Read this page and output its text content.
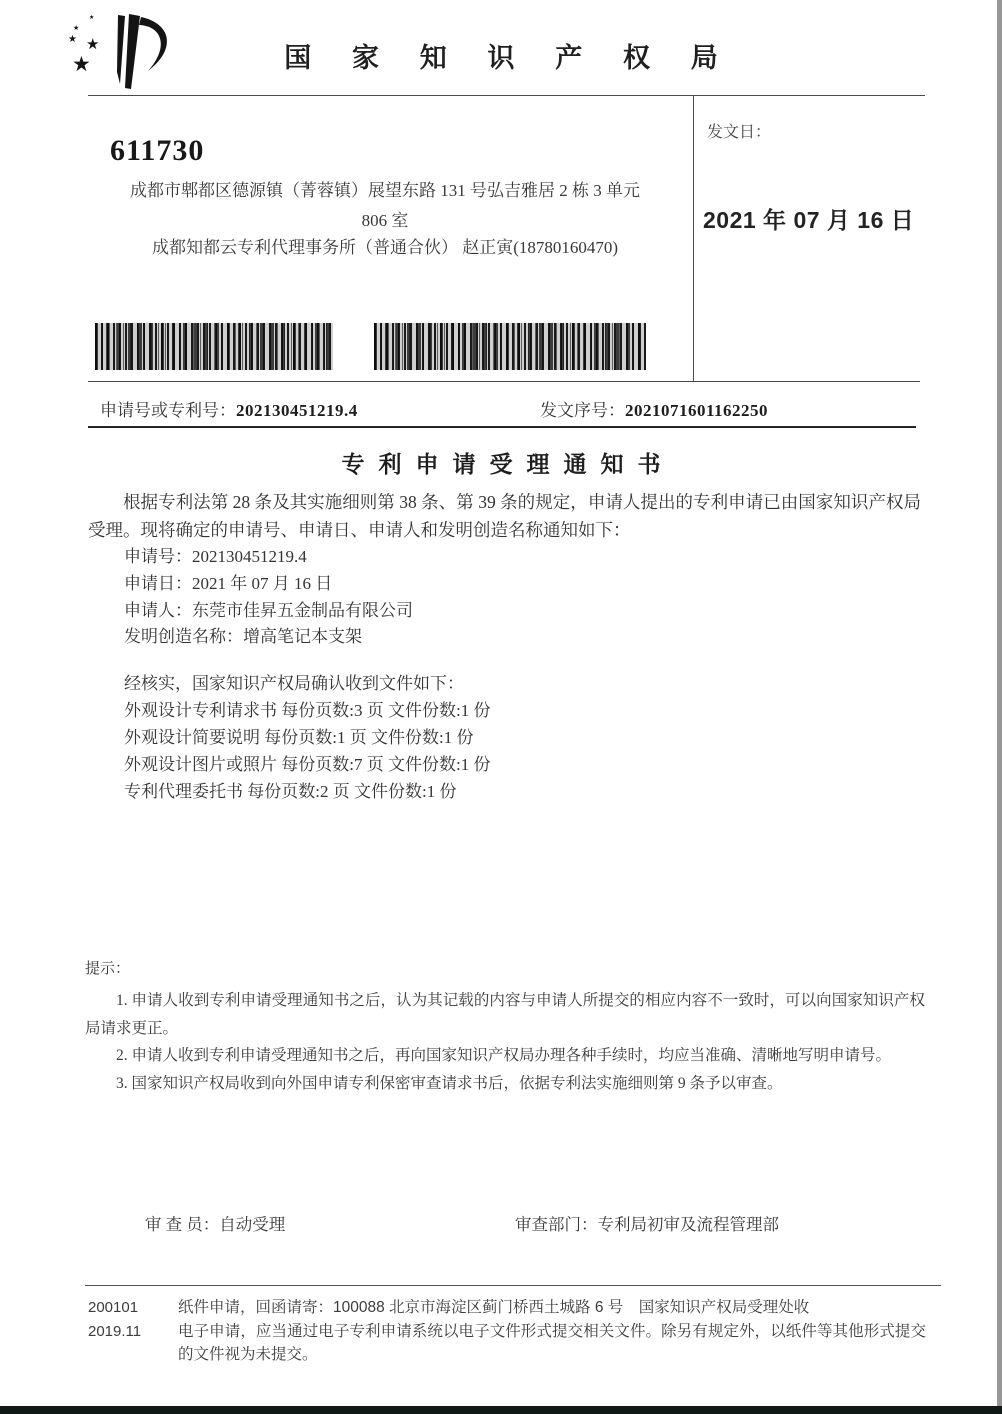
★
★
★
★
★
国 家 知 识 产 权 局
611730
成都市郫都区德源镇（菁蓉镇）展望东路 131 号弘吉雅居 2 栋 3 单元
806 室
成都知都云专利代理事务所（普通合伙） 赵正寅(18780160470)
发文日：
2021 年 07 月 16 日
申请号或专利号：202130451219.4	发文序号：2021071601162250
专利申请受理通知书
根据专利法第 28 条及其实施细则第 38 条、第 39 条的规定，申请人提出的专利申请已由国家知识产权局受理。现将确定的申请号、申请日、申请人和发明创造名称通知如下：
申请号：202130451219.4
申请日：2021 年 07 月 16 日
申请人：东莞市佳昇五金制品有限公司
发明创造名称：增高笔记本支架
经核实，国家知识产权局确认收到文件如下：
外观设计专利请求书 每份页数:3 页 文件份数:1 份
外观设计简要说明 每份页数:1 页 文件份数:1 份
外观设计图片或照片 每份页数:7 页 文件份数:1 份
专利代理委托书 每份页数:2 页 文件份数:1 份
提示：

1. 申请人收到专利申请受理通知书之后，认为其记载的内容与申请人所提交的相应内容不一致时，可以向国家知识产权局请求更正。

2. 申请人收到专利申请受理通知书之后，再向国家知识产权局办理各种手续时，均应当准确、清晰地写明申请号。

3. 国家知识产权局收到向外国申请专利保密审查请求书后，依据专利法实施细则第 9 条予以审查。

审 查 员：自动受理	审查部门：专利局初审及流程管理部
200101
2019.11

纸件申请，回函请寄：100088 北京市海淀区蓟门桥西土城路 6 号　国家知识产权局受理处收

电子申请，应当通过电子专利申请系统以电子文件形式提交相关文件。除另有规定外，以纸件等其他形式提交的文件视为未提交。
